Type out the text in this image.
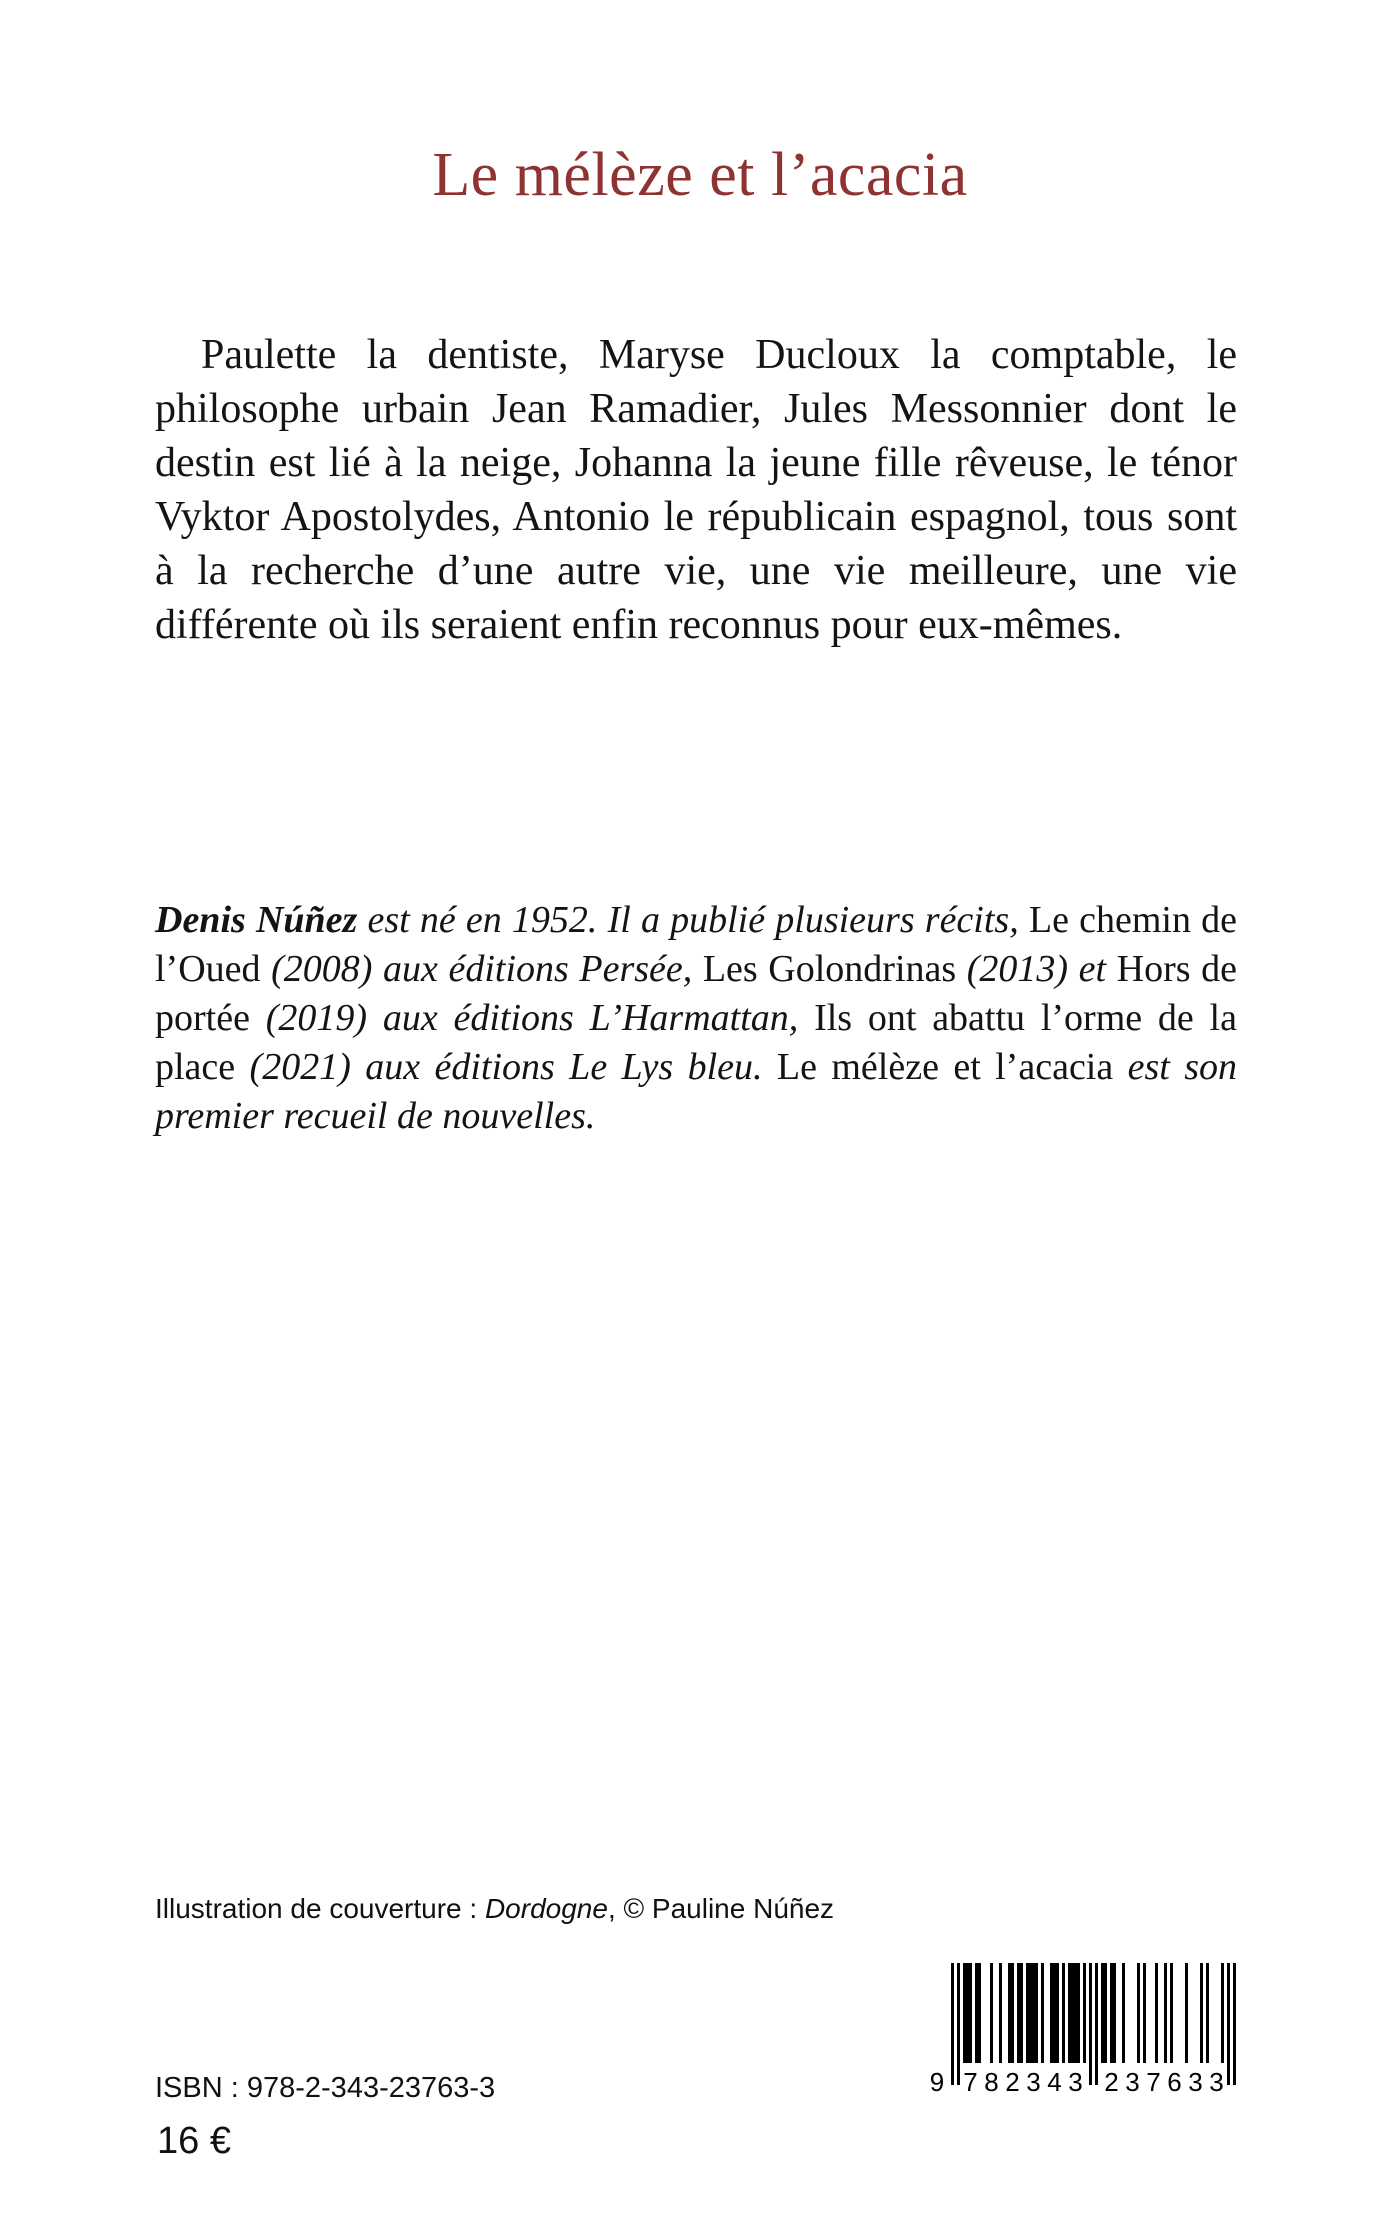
Le mélèze et l’acacia

Paulette la dentiste, Maryse Ducloux la comptable, le philosophe urbain Jean Ramadier, Jules Messonnier dont le destin est lié à la neige, Johanna la jeune fille rêveuse, le ténor Vyktor Apostolydes, Antonio le républicain espagnol, tous sont à la recherche d’une autre vie, une vie meilleure, une vie différente où ils seraient enfin reconnus pour eux-mêmes.

Denis Núñez est né en 1952. Il a publié plusieurs récits, Le chemin de l’Oued (2008) aux éditions Persée, Les Golondrinas (2013) et Hors de portée (2019) aux éditions L’Harmattan, Ils ont abattu l’orme de la place (2021) aux éditions Le Lys bleu. Le mélèze et l’acacia est son premier recueil de nouvelles.

Illustration de couverture : Dordogne, © Pauline Núñez

9 7 8 2 3 4 3 2 3 7 6 3 3
ISBN : 978-2-343-23763-3
16 €
